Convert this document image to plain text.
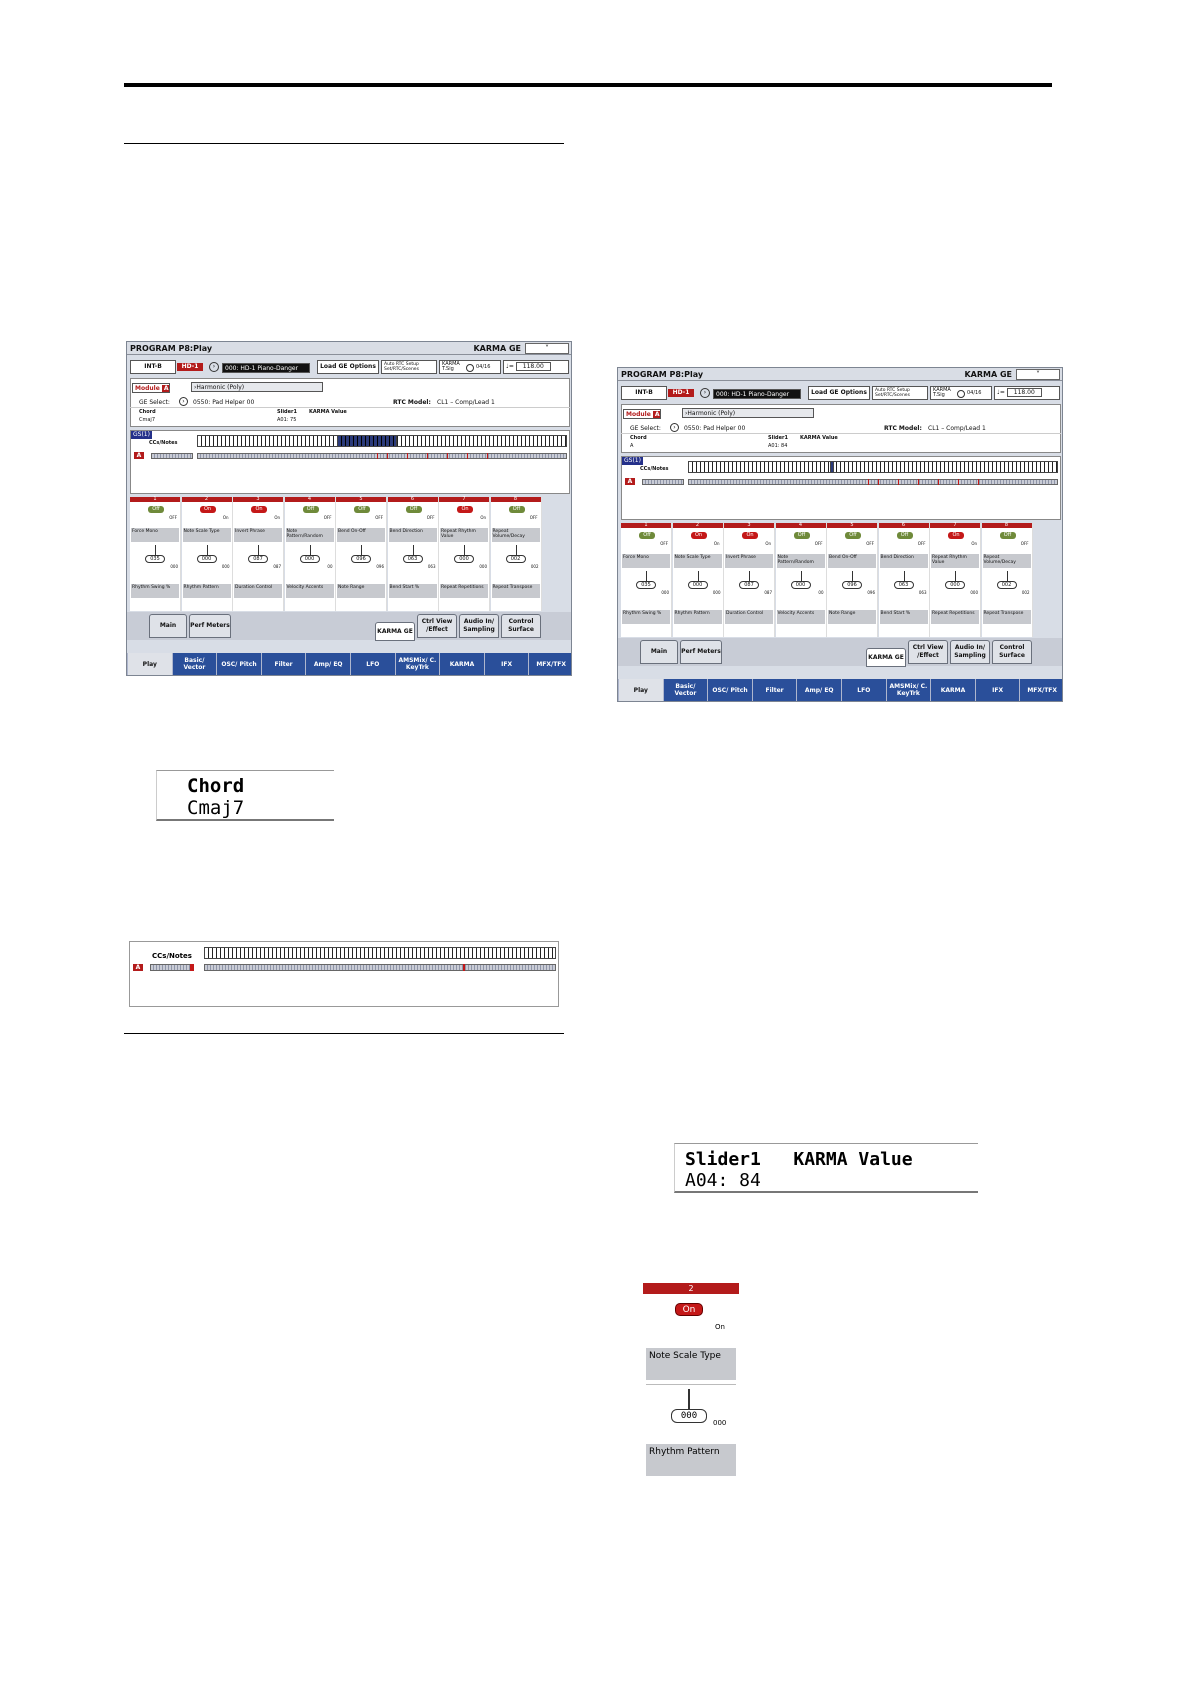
PROGRAM P8:Play	KARMA GE	˅
INT-B	HD-1	›	000: HD-1 Piano-Danger	Load GE Options	Auto RTC Setup
Set/RTC/Scenes
KARMA
T.Sig	04/16	♩= 118.00
Module A	›Harmonic (Poly)
GE Select:	›	0550: Pad Helper 00	RTC Model: CL1 – Comp/Lead 1
Chord
Cmaj7
Slider1 KARMA Value
A01: 75
GS(1)
CCs/Notes
A
1
Off
OFF
Force Mono
035
000
Rhythm Swing %
2
On
On
Note Scale Type
000
000
Rhythm Pattern
3
On
On
Invert Phrase
087
087
Duration Control
4
Off
OFF
Note Pattern/Random
000
00
Velocity Accents
5
Off
OFF
Bend On-Off
096
096
Note Range
6
Off
OFF
Bend Direction
063
063
Bend Start %
7
On
On
Repeat Rhythm Value
000
000
Repeat Repetitions
8
Off
OFF
Repeat Volume/Decay
002
002
Repeat Transpose
Main	Perf Meters
KARMA GE
Ctrl View /Effect
Audio In/ Sampling
Control Surface
Play	Basic/ Vector	OSC/ Pitch	Filter	Amp/ EQ	LFO	AMSMix/ C. KeyTrk	KARMA	IFX	MFX/TFX
PROGRAM P8:Play	KARMA GE	˅
INT-B	HD-1	›	000: HD-1 Piano-Danger	Load GE Options	Auto RTC Setup
Set/RTC/Scenes
KARMA
T.Sig	04/16	♩= 118.00
Module A	›Harmonic (Poly)
GE Select:	›	0550: Pad Helper 00	RTC Model: CL1 – Comp/Lead 1
Chord
A
Slider1 KARMA Value
A01: 84
GS(1)
CCs/Notes
A
1
Off
OFF
Force Mono
035
000
Rhythm Swing %
2
On
On
Note Scale Type
000
000
Rhythm Pattern
3
On
On
Invert Phrase
087
087
Duration Control
4
Off
OFF
Note Pattern/Random
000
00
Velocity Accents
5
Off
OFF
Bend On-Off
096
096
Note Range
6
Off
OFF
Bend Direction
063
063
Bend Start %
7
On
On
Repeat Rhythm Value
000
000
Repeat Repetitions
8
Off
OFF
Repeat Volume/Decay
002
002
Repeat Transpose
Main	Perf Meters
KARMA GE
Ctrl View /Effect
Audio In/ Sampling
Control Surface
Play	Basic/ Vector	OSC/ Pitch	Filter	Amp/ EQ	LFO	AMSMix/ C. KeyTrk	KARMA	IFX	MFX/TFX
Chord
Cmaj7
CCs/Notes
A
Slider1   KARMA Value
A04: 84
2
On
On
Note Scale Type
000
000
Rhythm Pattern
